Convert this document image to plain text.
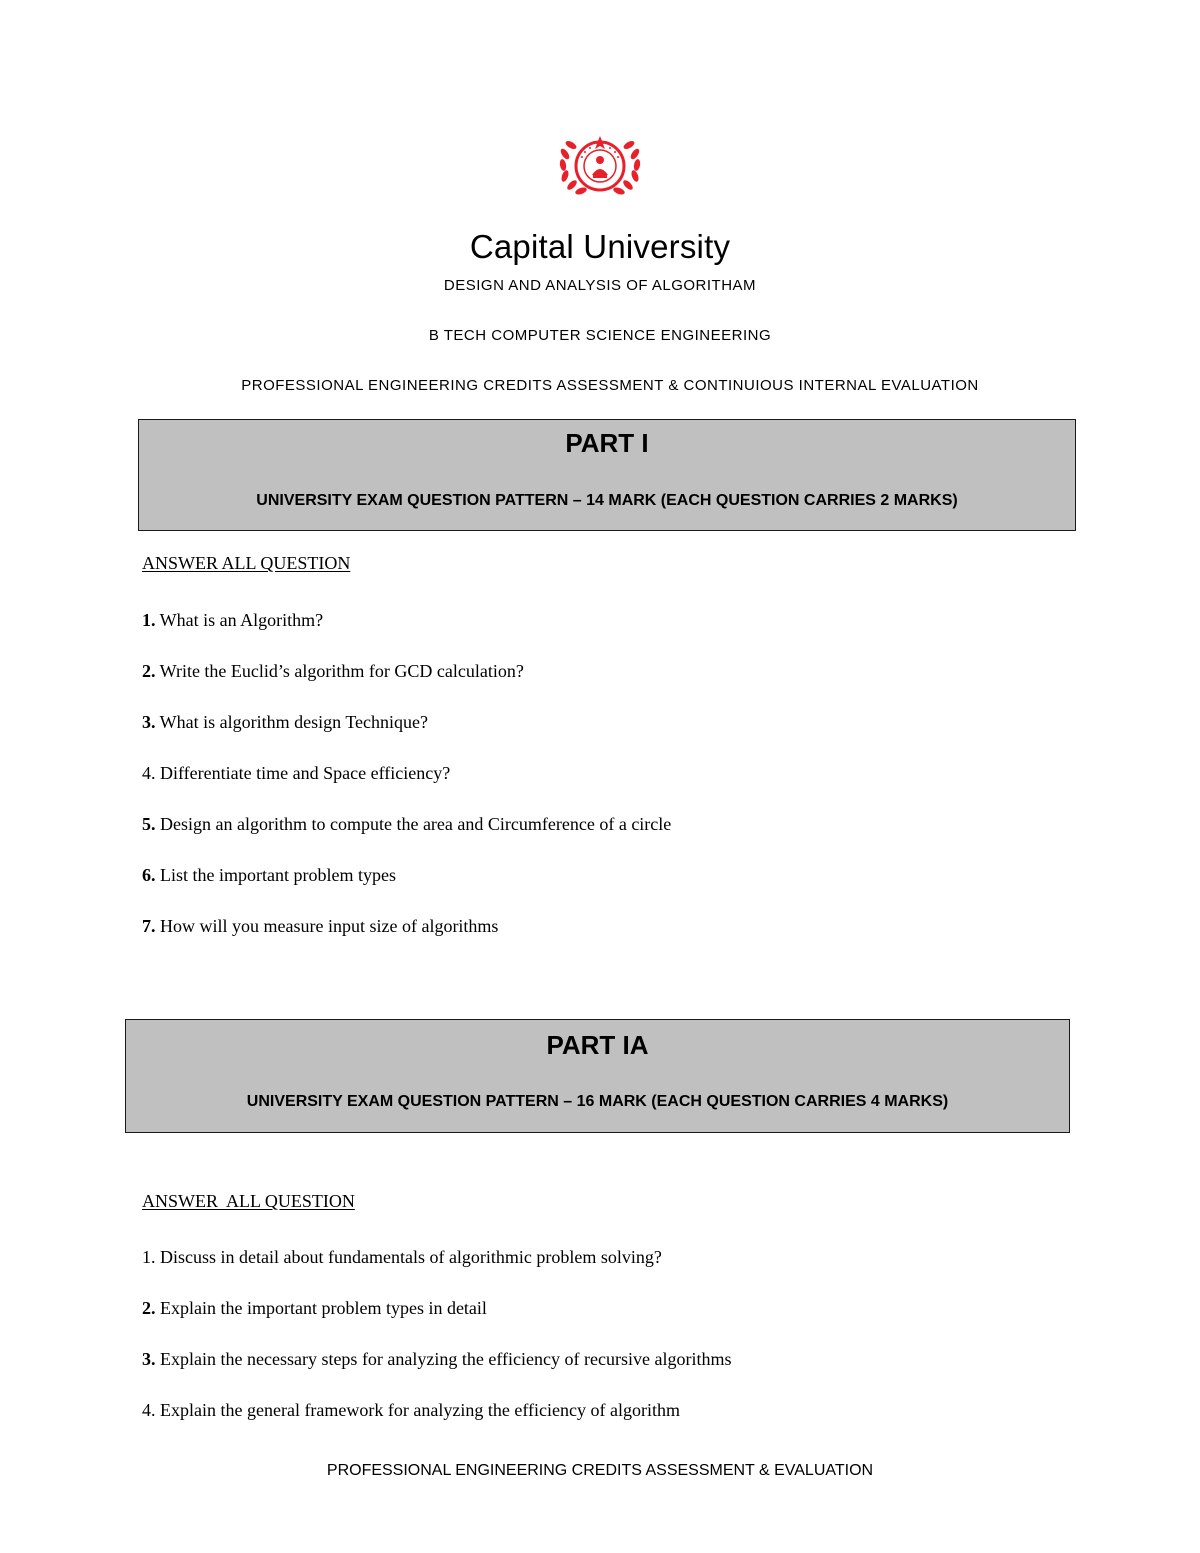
Capital University
DESIGN AND ANALYSIS OF ALGORITHAM
B TECH COMPUTER SCIENCE ENGINEERING
PROFESSIONAL ENGINEERING CREDITS ASSESSMENT & CONTINUIOUS INTERNAL EVALUATION
PART I
UNIVERSITY EXAM QUESTION PATTERN – 14 MARK (EACH QUESTION CARRIES 2 MARKS)
ANSWER ALL QUESTION
1. What is an Algorithm?
2. Write the Euclid’s algorithm for GCD calculation?
3. What is algorithm design Technique?
4. Differentiate time and Space efficiency?
5. Design an algorithm to compute the area and Circumference of a circle
6. List the important problem types
7. How will you measure input size of algorithms
PART IA
UNIVERSITY EXAM QUESTION PATTERN – 16 MARK (EACH QUESTION CARRIES 4 MARKS)
ANSWER  ALL QUESTION
1. Discuss in detail about fundamentals of algorithmic problem solving?
2. Explain the important problem types in detail
3. Explain the necessary steps for analyzing the efficiency of recursive algorithms
4. Explain the general framework for analyzing the efficiency of algorithm
PROFESSIONAL ENGINEERING CREDITS ASSESSMENT & EVALUATION
